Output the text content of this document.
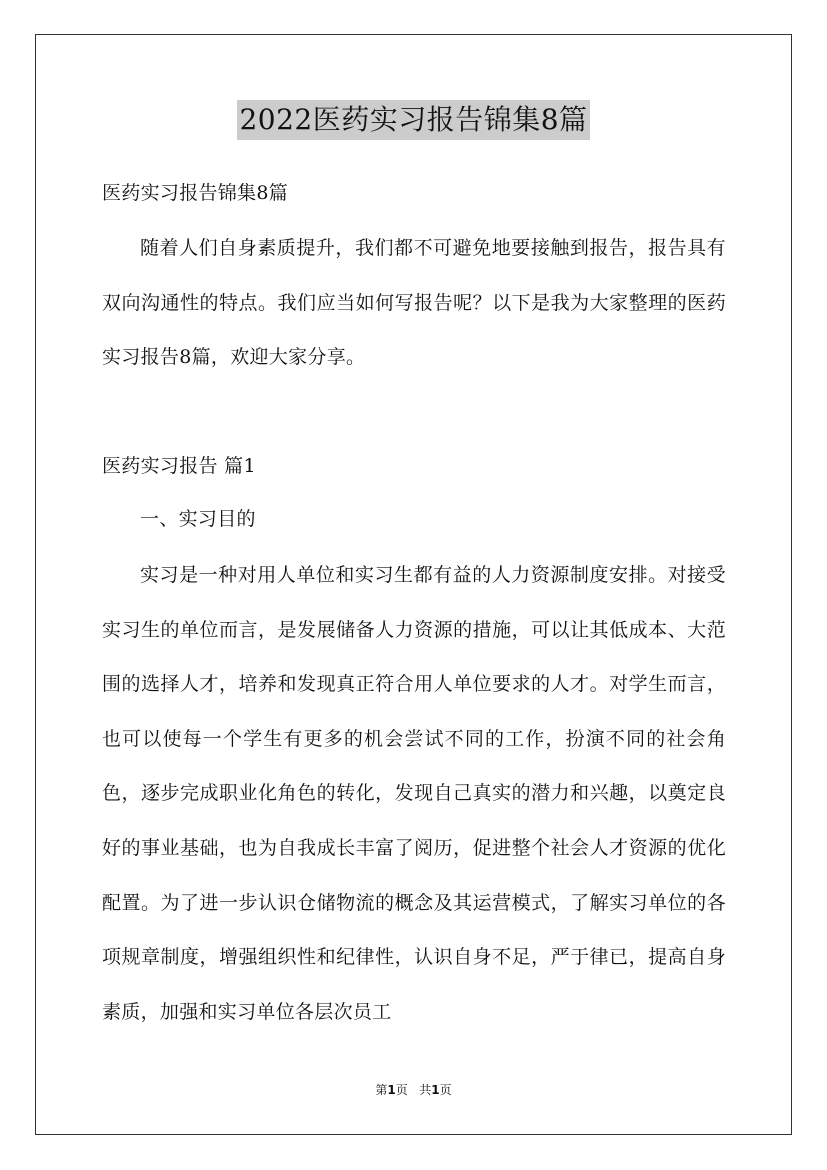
2022医药实习报告锦集8篇
医药实习报告锦集8篇

随着人们自身素质提升，我们都不可避免地要接触到报告，报告具有双向沟通性的特点。我们应当如何写报告呢？以下是我为大家整理的医药实习报告8篇，欢迎大家分享。

医药实习报告 篇1
一、实习目的

实习是一种对用人单位和实习生都有益的人力资源制度安排。对接受实习生的单位而言，是发展储备人力资源的措施，可以让其低成本、大范围的选择人才，培养和发现真正符合用人单位要求的人才。对学生而言，也可以使每一个学生有更多的机会尝试不同的工作，扮演不同的社会角色，逐步完成职业化角色的转化，发现自己真实的潜力和兴趣，以奠定良好的事业基础，也为自我成长丰富了阅历，促进整个社会人才资源的优化配置。为了进一步认识仓储物流的概念及其运营模式，了解实习单位的各项规章制度，增强组织性和纪律性，认识自身不足，严于律已，提高自身素质，加强和实习单位各层次员工

第1页 共1页
